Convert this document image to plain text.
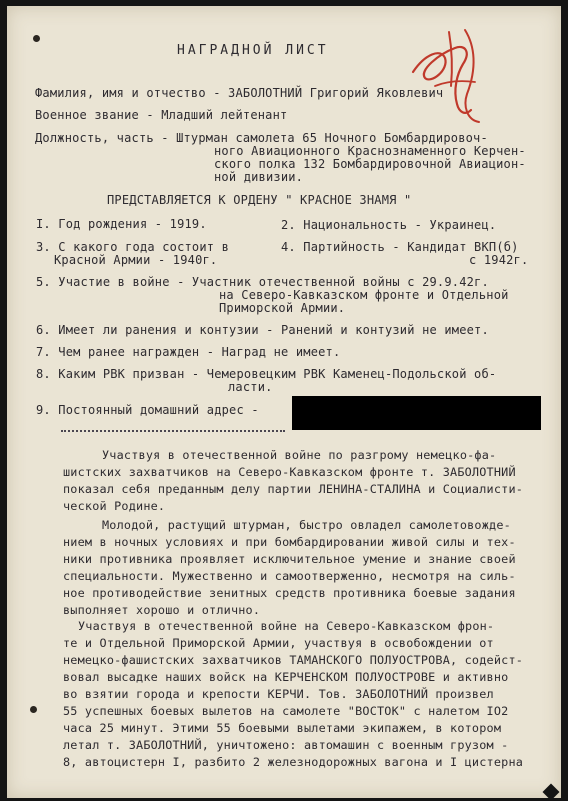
НАГРАДНОЙ ЛИСТ
Фамилия, имя и отчество - ЗАБОЛОТНИЙ Григорий Яковлевич
Военное звание - Младший лейтенант
Должность, часть - Штурман самолета 65 Ночного Бомбардировоч-
ного Авиационного Краснознаменного Керчен-
ского полка 132 Бомбардировочной Авиацион-
ной дивизии.
ПРЕДСТАВЛЯЕТСЯ К ОРДЕНУ " КРАСНОЕ ЗНАМЯ "
I. Год рождения - 1919.	2. Национальность - Украинец.
3. С какого года состоит в
Красной Армии - 1940г.
4. Партийность - Кандидат ВКП(б)
с 1942г.
5. Участие в войне - Участник отечественной войны с 29.9.42г.
на Северо-Кавказском фронте и Отдельной
Приморской Армии.
6. Имеет ли ранения и контузии - Ранений и контузий не имеет.
7. Чем ранее награжден - Наград не имеет.
8. Каким РВК призван - Чемеровецким РВК Каменец-Подольской об-
ласти.
9. Постоянный домашний адрес -
Участвуя в отечественной войне по разгрому немецко-фа-
шистских захватчиков на Северо-Кавказском фронте т. ЗАБОЛОТНИЙ
показал себя преданным делу партии ЛЕНИНА-СТАЛИНА и Социалисти-
ческой Родине.
Молодой, растущий штурман, быстро овладел самолетовожде-
нием в ночных условиях и при бомбардировании живой силы и тех-
ники противника проявляет исключительное умение и знание своей
специальности. Мужественно и самоотверженно, несмотря на силь-
ное противодействие зенитных средств противника боевые задания
выполняет хорошо и отлично.
Участвуя в отечественной войне на Северо-Кавказском фрон-
те и Отдельной Приморской Армии, участвуя в освобождении от
немецко-фашистских захватчиков ТАМАНСКОГО ПОЛУОСТРОВА, содейст-
вовал высадке наших войск на КЕРЧЕНСКОМ ПОЛУОСТРОВЕ и активно
во взятии города и крепости КЕРЧИ. Тов. ЗАБОЛОТНИЙ произвел
55 успешных боевых вылетов на самолете "ВОСТОК" с налетом IO2
часа 25 минут. Этими 55 боевыми вылетами экипажем, в котором
летал т. ЗАБОЛОТНИЙ, уничтожено: автомашин с военным грузом -
8, автоцистерн I, разбито 2 железнодорожных вагона и I цистерна
